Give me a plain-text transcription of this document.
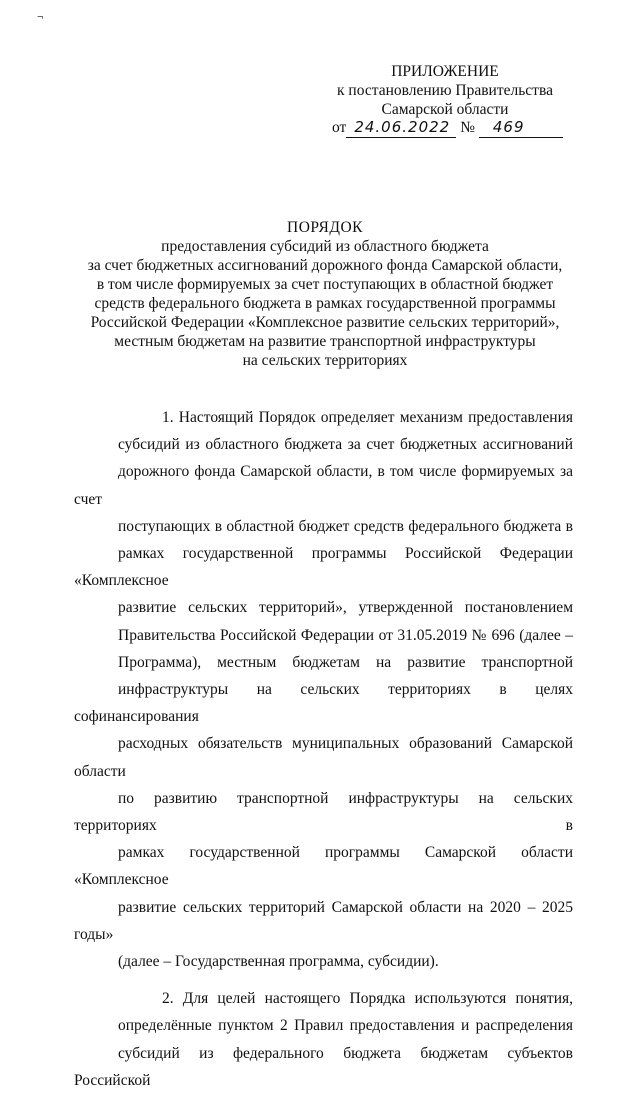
¬
ПРИЛОЖЕНИЕ
к постановлению Правительства
Самарской области
от 24.06.2022 № 469
ПОРЯДОК
предоставления субсидий из областного бюджета
за счет бюджетных ассигнований дорожного фонда Самарской области,
в том числе формируемых за счет поступающих в областной бюджет
средств федерального бюджета в рамках государственной программы
Российской Федерации «Комплексное развитие сельских территорий»,
местным бюджетам на развитие транспортной инфраструктуры
на сельских территориях

1. Настоящий Порядок определяет механизм предоставления
субсидий из областного бюджета за счет бюджетных ассигнований
дорожного фонда Самарской области, в том числе формируемых за счет
поступающих в областной бюджет средств федерального бюджета в
рамках государственной программы Российской Федерации «Комплексное
развитие сельских территорий», утвержденной постановлением
Правительства Российской Федерации от 31.05.2019 № 696 (далее –
Программа), местным бюджетам на развитие транспортной
инфраструктуры на сельских территориях в целях софинансирования
расходных обязательств муниципальных образований Самарской области
по развитию транспортной инфраструктуры на сельских территориях в
рамках государственной программы Самарской области «Комплексное
развитие сельских территорий Самарской области на 2020 – 2025 годы»
(далее – Государственная программа, субсидии).

2. Для целей настоящего Порядка используются понятия,
определённые пунктом 2 Правил предоставления и распределения
субсидий из федерального бюджета бюджетам субъектов Российской
